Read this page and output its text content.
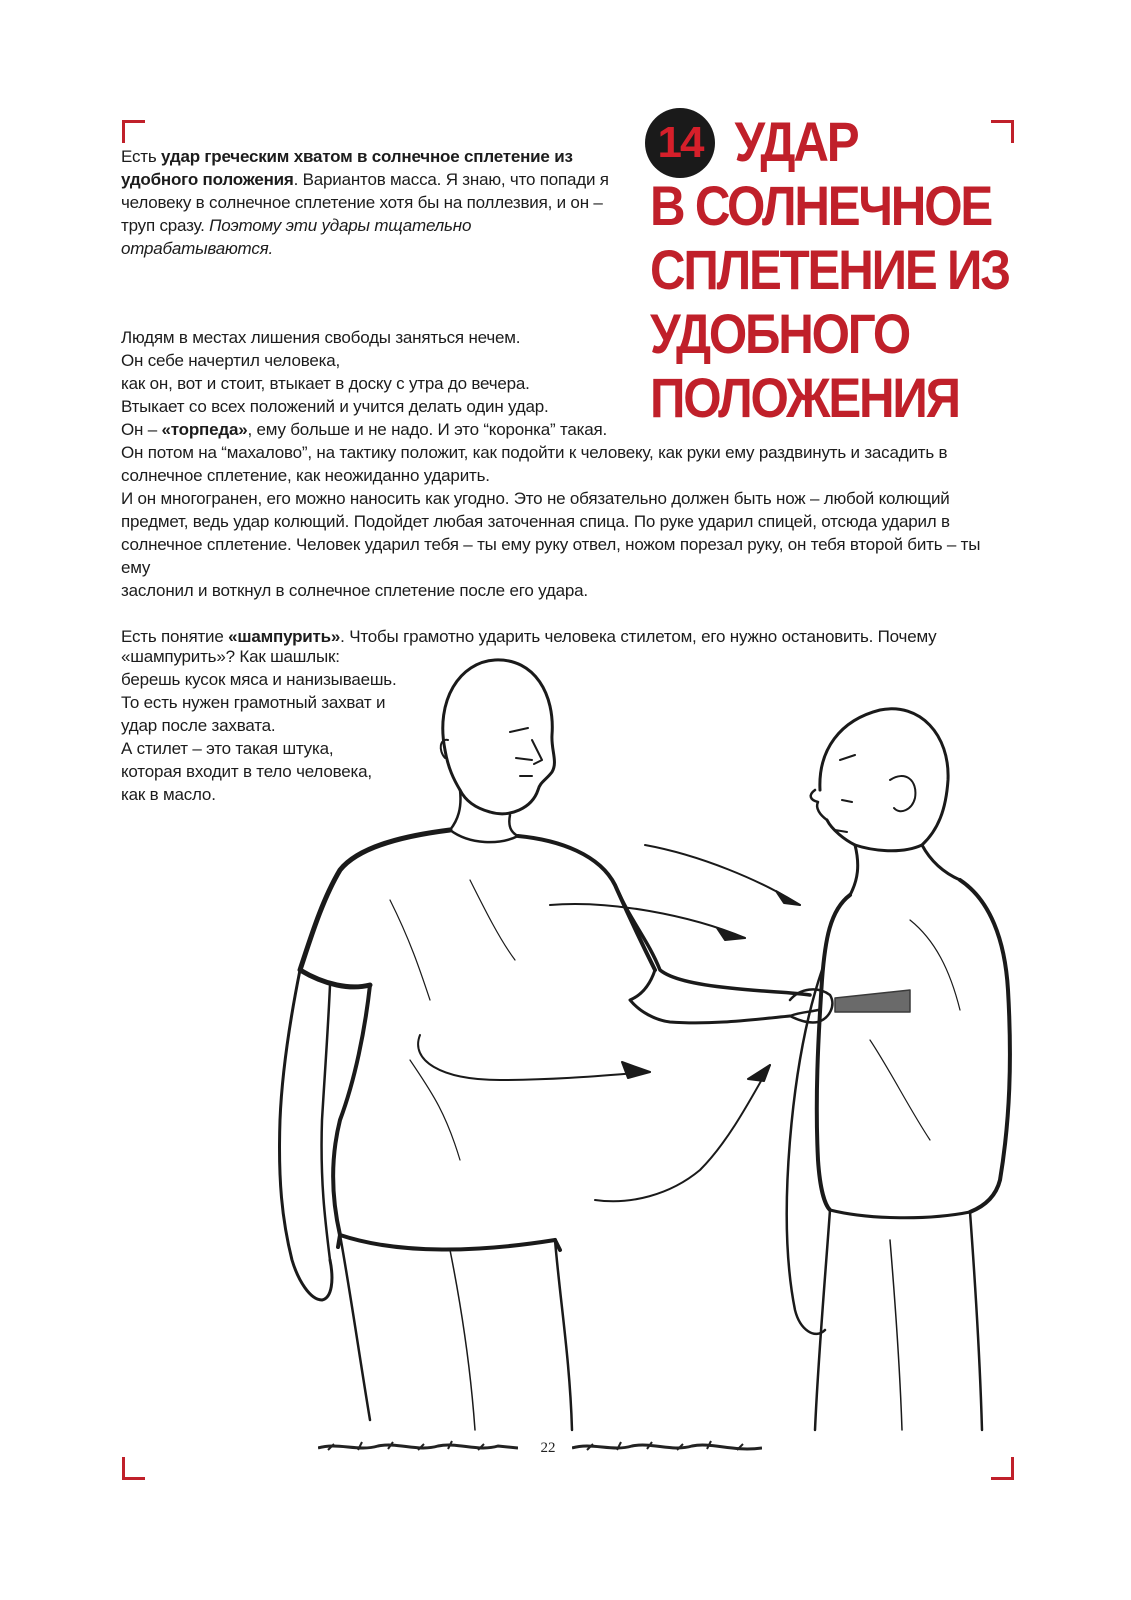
Есть удар греческим хватом в солнечное сплетение из удобного положения. Вариантов масса. Я знаю, что попади я человеку в солнечное сплетение хотя бы на поллезвия, и он – труп сразу. Поэтому эти удары тщательно отрабатываются.

14 УДАР
В СОЛНЕЧНОЕ
СПЛЕТЕНИЕ ИЗ
УДОБНОГО
ПОЛОЖЕНИЯ

Людям в местах лишения свободы заняться нечем.

Он себе начертил человека,

как он, вот и стоит, втыкает в доску с утра до вечера.

Втыкает со всех положений и учится делать один удар.

Он – «торпеда», ему больше и не надо. И это “коронка” такая.

Он потом на “махалово”, на тактику положит, как подойти к человеку, как руки ему раздвинуть и засадить в солнечное сплетение, как неожиданно ударить.

И он многогранен, его можно наносить как угодно. Это не обязательно должен быть нож – любой колющий предмет, ведь удар колющий. Подойдет любая заточенная спица. По руке ударил спицей, отсюда ударил в солнечное сплетение. Человек ударил тебя – ты ему руку отвел, ножом порезал руку, он тебя второй бить – ты ему

заслонил и воткнул в солнечное сплетение после его удара.

Есть понятие «шампурить». Чтобы грамотно ударить человека стилетом, его нужно остановить. Почему

«шампурить»? Как шашлык:

берешь кусок мяса и нанизываешь.

То есть нужен грамотный захват и

удар после захвата.

А стилет – это такая штука,

которая входит в тело человека,

как в масло.

22
